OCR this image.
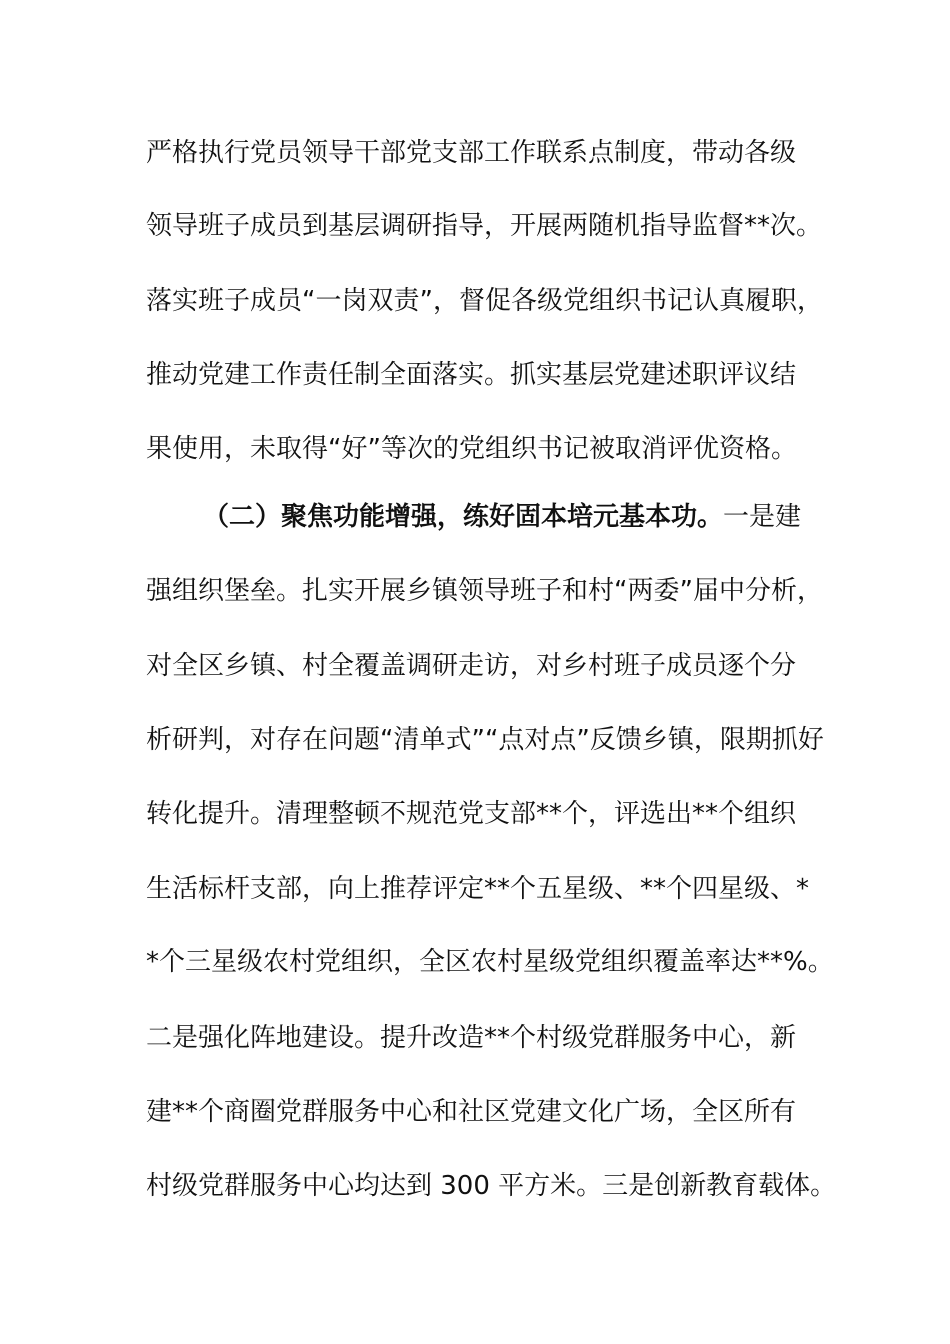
严格执行党员领导干部党支部工作联系点制度，带动各级
领导班子成员到基层调研指导，开展两随机指导监督**次。
落实班子成员“一岗双责”，督促各级党组织书记认真履职，
推动党建工作责任制全面落实。抓实基层党建述职评议结
果使用，未取得“好”等次的党组织书记被取消评优资格。
（二）聚焦功能增强，练好固本培元基本功。一是建
强组织堡垒。扎实开展乡镇领导班子和村“两委”届中分析，
对全区乡镇、村全覆盖调研走访，对乡村班子成员逐个分
析研判，对存在问题“清单式”“点对点”反馈乡镇，限期抓好
转化提升。清理整顿不规范党支部**个，评选出**个组织
生活标杆支部，向上推荐评定**个五星级、**个四星级、*
*个三星级农村党组织，全区农村星级党组织覆盖率达**%。
二是强化阵地建设。提升改造**个村级党群服务中心，新
建**个商圈党群服务中心和社区党建文化广场，全区所有
村级党群服务中心均达到 300 平方米。三是创新教育载体。
